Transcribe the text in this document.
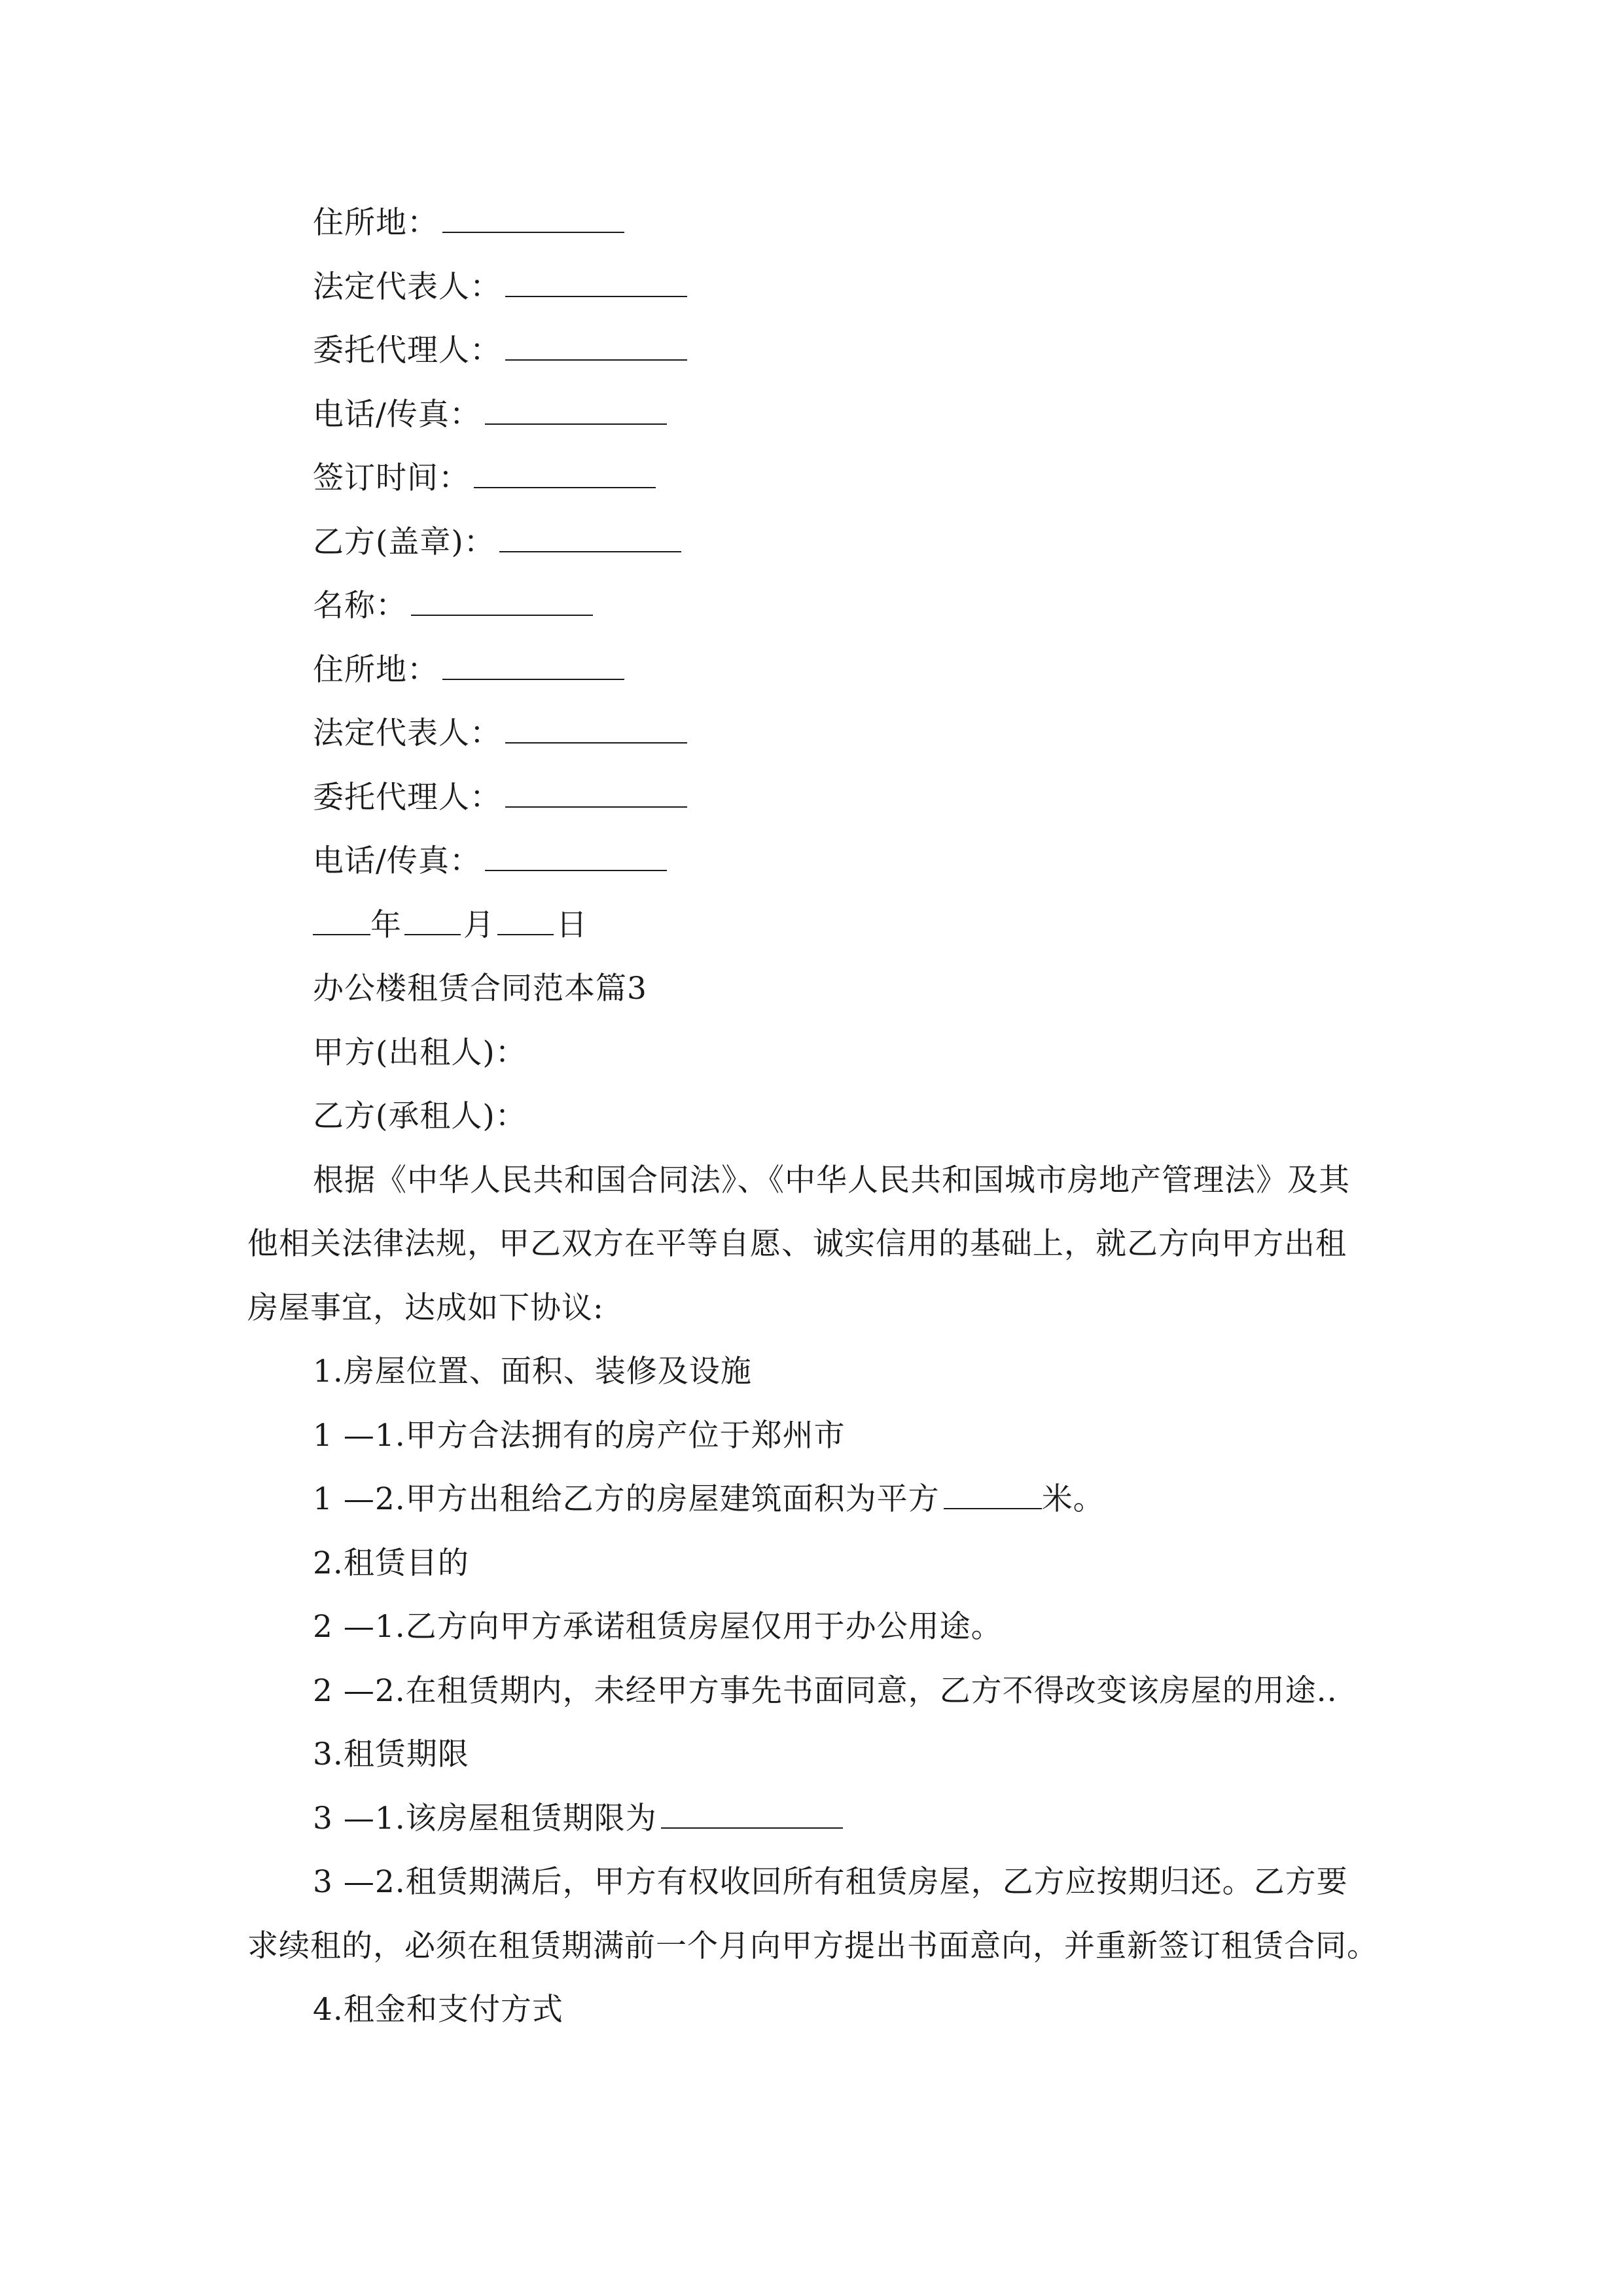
住所地：
法定代表人：
委托代理人：
电话/传真：
签订时间：
乙方(盖章)：
名称：
住所地：
法定代表人：
委托代理人：
电话/传真：
年 月 日
办公楼租赁合同范本篇3
甲方(出租人)：
乙方(承租人)：
根据《中华人民共和国合同法》、《中华人民共和国城市房地产管理法》及其
他相关法律法规，甲乙双方在平等自愿、诚实信用的基础上，就乙方向甲方出租
房屋事宜，达成如下协议:
1.房屋位置、面积、装修及设施
1 —1.甲方合法拥有的房产位于郑州市
1 —2.甲方出租给乙方的房屋建筑面积为平方	米。
2.租赁目的
2 —1.乙方向甲方承诺租赁房屋仅用于办公用途。
2 —2.在租赁期内，未经甲方事先书面同意，乙方不得改变该房屋的用途..
3.租赁期限
3 —1.该房屋租赁期限为
3 —2.租赁期满后，甲方有权收回所有租赁房屋，乙方应按期归还。乙方要
求续租的，必须在租赁期满前一个月向甲方提出书面意向，并重新签订租赁合同。
4.租金和支付方式
